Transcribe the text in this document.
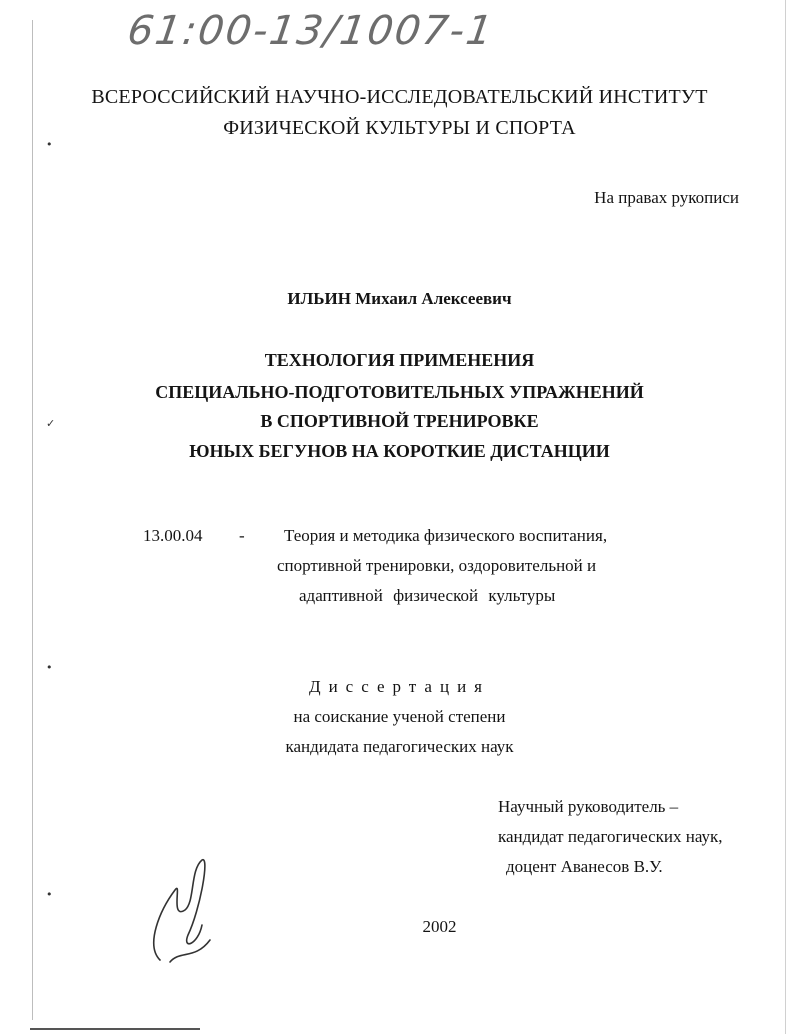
•
✓
•
•
61:00-13/1007-1
ВСЕРОССИЙСКИЙ НАУЧНО-ИССЛЕДОВАТЕЛЬСКИЙ ИНСТИТУТ
ФИЗИЧЕСКОЙ КУЛЬТУРЫ И СПОРТА
На правах рукописи
ИЛЬИН Михаил Алексеевич
ТЕХНОЛОГИЯ ПРИМЕНЕНИЯ
СПЕЦИАЛЬНО-ПОДГОТОВИТЕЛЬНЫХ УПРАЖНЕНИЙ
В СПОРТИВНОЙ ТРЕНИРОВКЕ
ЮНЫХ БЕГУНОВ НА КОРОТКИЕ ДИСТАНЦИИ
13.00.04 - Теория и методика физического воспитания,
спортивной тренировки, оздоровительной и
адаптивной физической культуры
Диссертация
на соискание ученой степени
кандидата педагогических наук
Научный руководитель –
кандидат педагогических наук,
доцент Аванесов В.У.
2002
